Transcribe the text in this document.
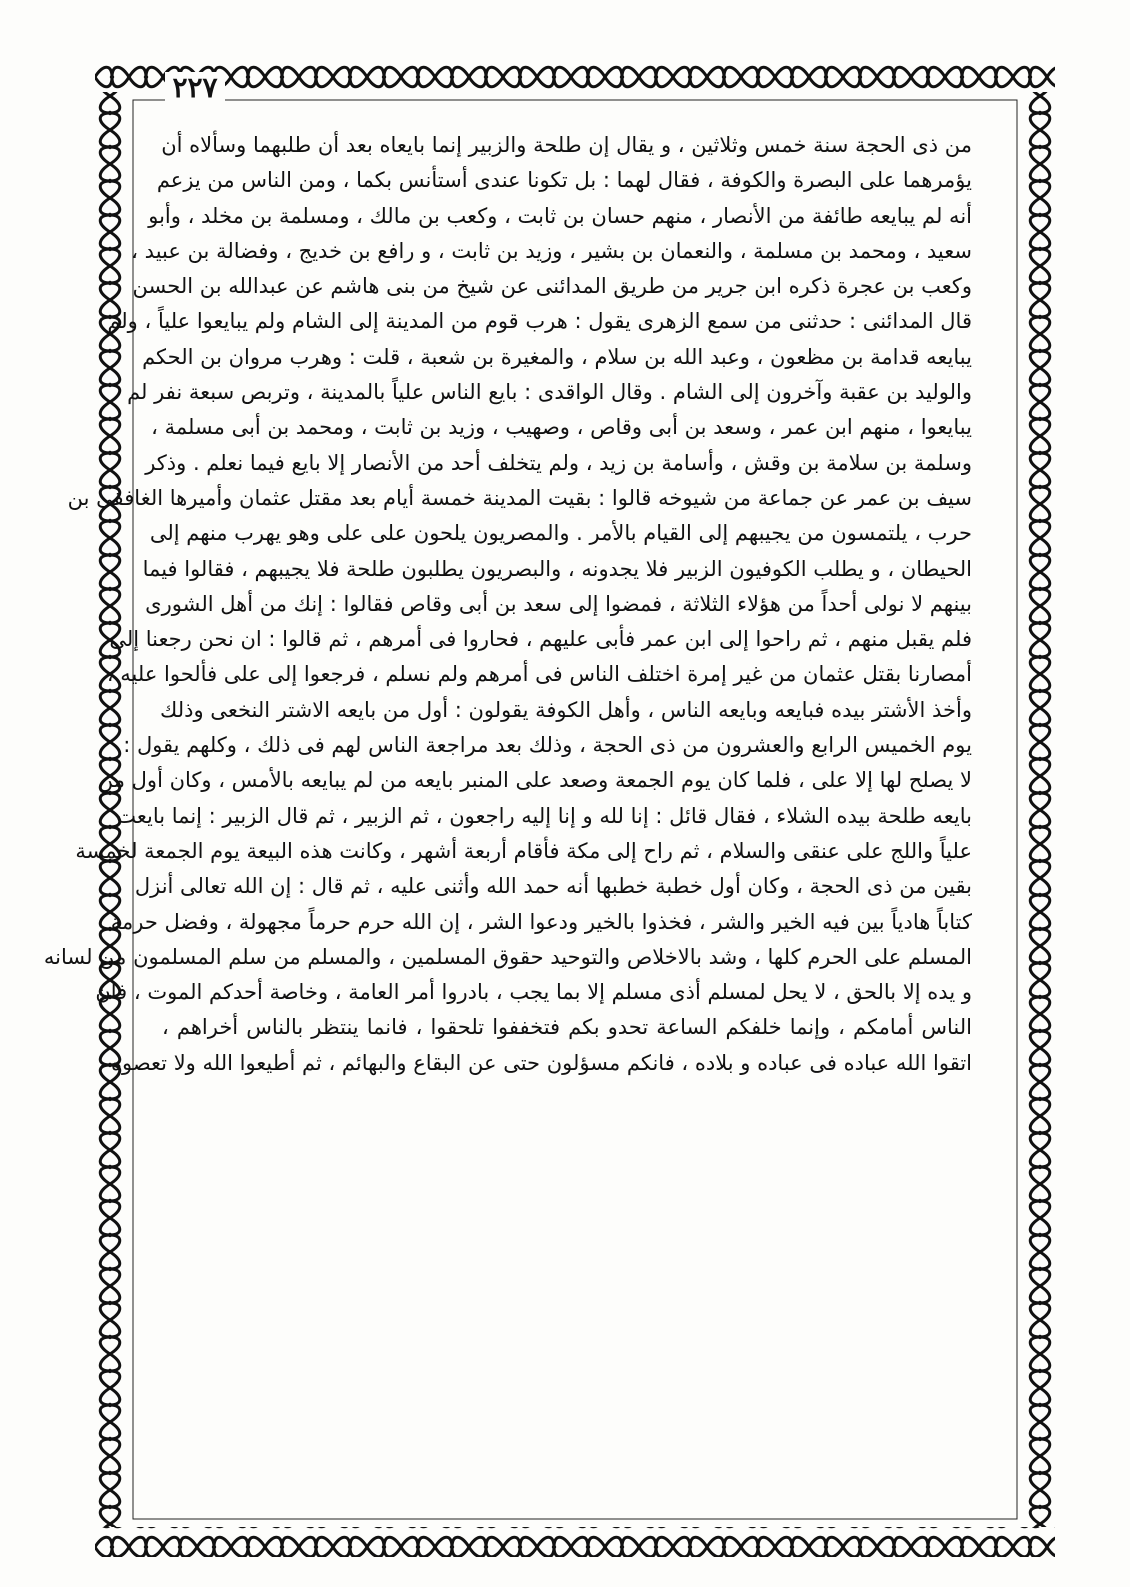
٢٢٧
من ذى الحجة سنة خمس وثلاثين ، و يقال إن طلحة والزبير إنما بايعاه بعد أن طلبهما وسألاه أن
يؤمرهما على البصرة والكوفة ، فقال لهما : بل تكونا عندى أستأنس بكما ، ومن الناس من يزعم
أنه لم يبايعه طائفة من الأنصار ، منهم حسان بن ثابت ، وكعب بن مالك ، ومسلمة بن مخلد ، وأبو
سعيد ، ومحمد بن مسلمة ، والنعمان بن بشير ، وزيد بن ثابت ، و رافع بن خديج ، وفضالة بن عبيد ،
وكعب بن عجرة ذكره ابن جرير من طريق المدائنى عن شيخ من بنى هاشم عن عبدالله بن الحسن
قال المدائنى : حدثنى من سمع الزهرى يقول : هرب قوم من المدينة إلى الشام ولم يبايعوا علياً ، ولم
يبايعه قدامة بن مظعون ، وعبد الله بن سلام ، والمغيرة بن شعبة ، قلت : وهرب مروان بن الحكم
والوليد بن عقبة وآخرون إلى الشام . وقال الواقدى : بايع الناس علياً بالمدينة ، وتربص سبعة نفر لم
يبايعوا ، منهم ابن عمر ، وسعد بن أبى وقاص ، وصهيب ، وزيد بن ثابت ، ومحمد بن أبى مسلمة ،
وسلمة بن سلامة بن وقش ، وأسامة بن زيد ، ولم يتخلف أحد من الأنصار إلا بايع فيما نعلم . وذكر
سيف بن عمر عن جماعة من شيوخه قالوا : بقيت المدينة خمسة أيام بعد مقتل عثمان وأميرها الغافقى بن
حرب ، يلتمسون من يجيبهم إلى القيام بالأمر . والمصريون يلحون على على وهو يهرب منهم إلى
الحيطان ، و يطلب الكوفيون الزبير فلا يجدونه ، والبصريون يطلبون طلحة فلا يجيبهم ، فقالوا فيما
بينهم لا نولى أحداً من هؤلاء الثلاثة ، فمضوا إلى سعد بن أبى وقاص فقالوا : إنك من أهل الشورى
فلم يقبل منهم ، ثم راحوا إلى ابن عمر فأبى عليهم ، فحاروا فى أمرهم ، ثم قالوا : ان نحن رجعنا إلى
أمصارنا بقتل عثمان من غير إمرة اختلف الناس فى أمرهم ولم نسلم ، فرجعوا إلى على فألحوا عليه ،
وأخذ الأشتر بيده فبايعه وبايعه الناس ، وأهل الكوفة يقولون : أول من بايعه الاشتر النخعى وذلك
يوم الخميس الرابع والعشرون من ذى الحجة ، وذلك بعد مراجعة الناس لهم فى ذلك ، وكلهم يقول :
لا يصلح لها إلا على ، فلما كان يوم الجمعة وصعد على المنبر بايعه من لم يبايعه بالأمس ، وكان أول من
بايعه طلحة بيده الشلاء ، فقال قائل : إنا لله و إنا إليه راجعون ، ثم الزبير ، ثم قال الزبير : إنما بايعت
علياً واللج على عنقى والسلام ، ثم راح إلى مكة فأقام أربعة أشهر ، وكانت هذه البيعة يوم الجمعة لخمسة
بقين من ذى الحجة ، وكان أول خطبة خطبها أنه حمد الله وأثنى عليه ، ثم قال : إن الله تعالى أنزل
كتاباً هادياً بين فيه الخير والشر ، فخذوا بالخير ودعوا الشر ، إن الله حرم حرماً مجهولة ، وفضل حرمة
المسلم على الحرم كلها ، وشد بالاخلاص والتوحيد حقوق المسلمين ، والمسلم من سلم المسلمون من لسانه
و يده إلا بالحق ، لا يحل لمسلم أذى مسلم إلا بما يجب ، بادروا أمر العامة ، وخاصة أحدكم الموت ، فان
الناس أمامكم ، وإنما خلفكم الساعة تحدو بكم فتخففوا تلحقوا ، فانما ينتظر بالناس أخراهم ،
اتقوا الله عباده فى عباده و بلاده ، فانكم مسؤلون حتى عن البقاع والبهائم ، ثم أطيعوا الله ولا تعصوه ،
